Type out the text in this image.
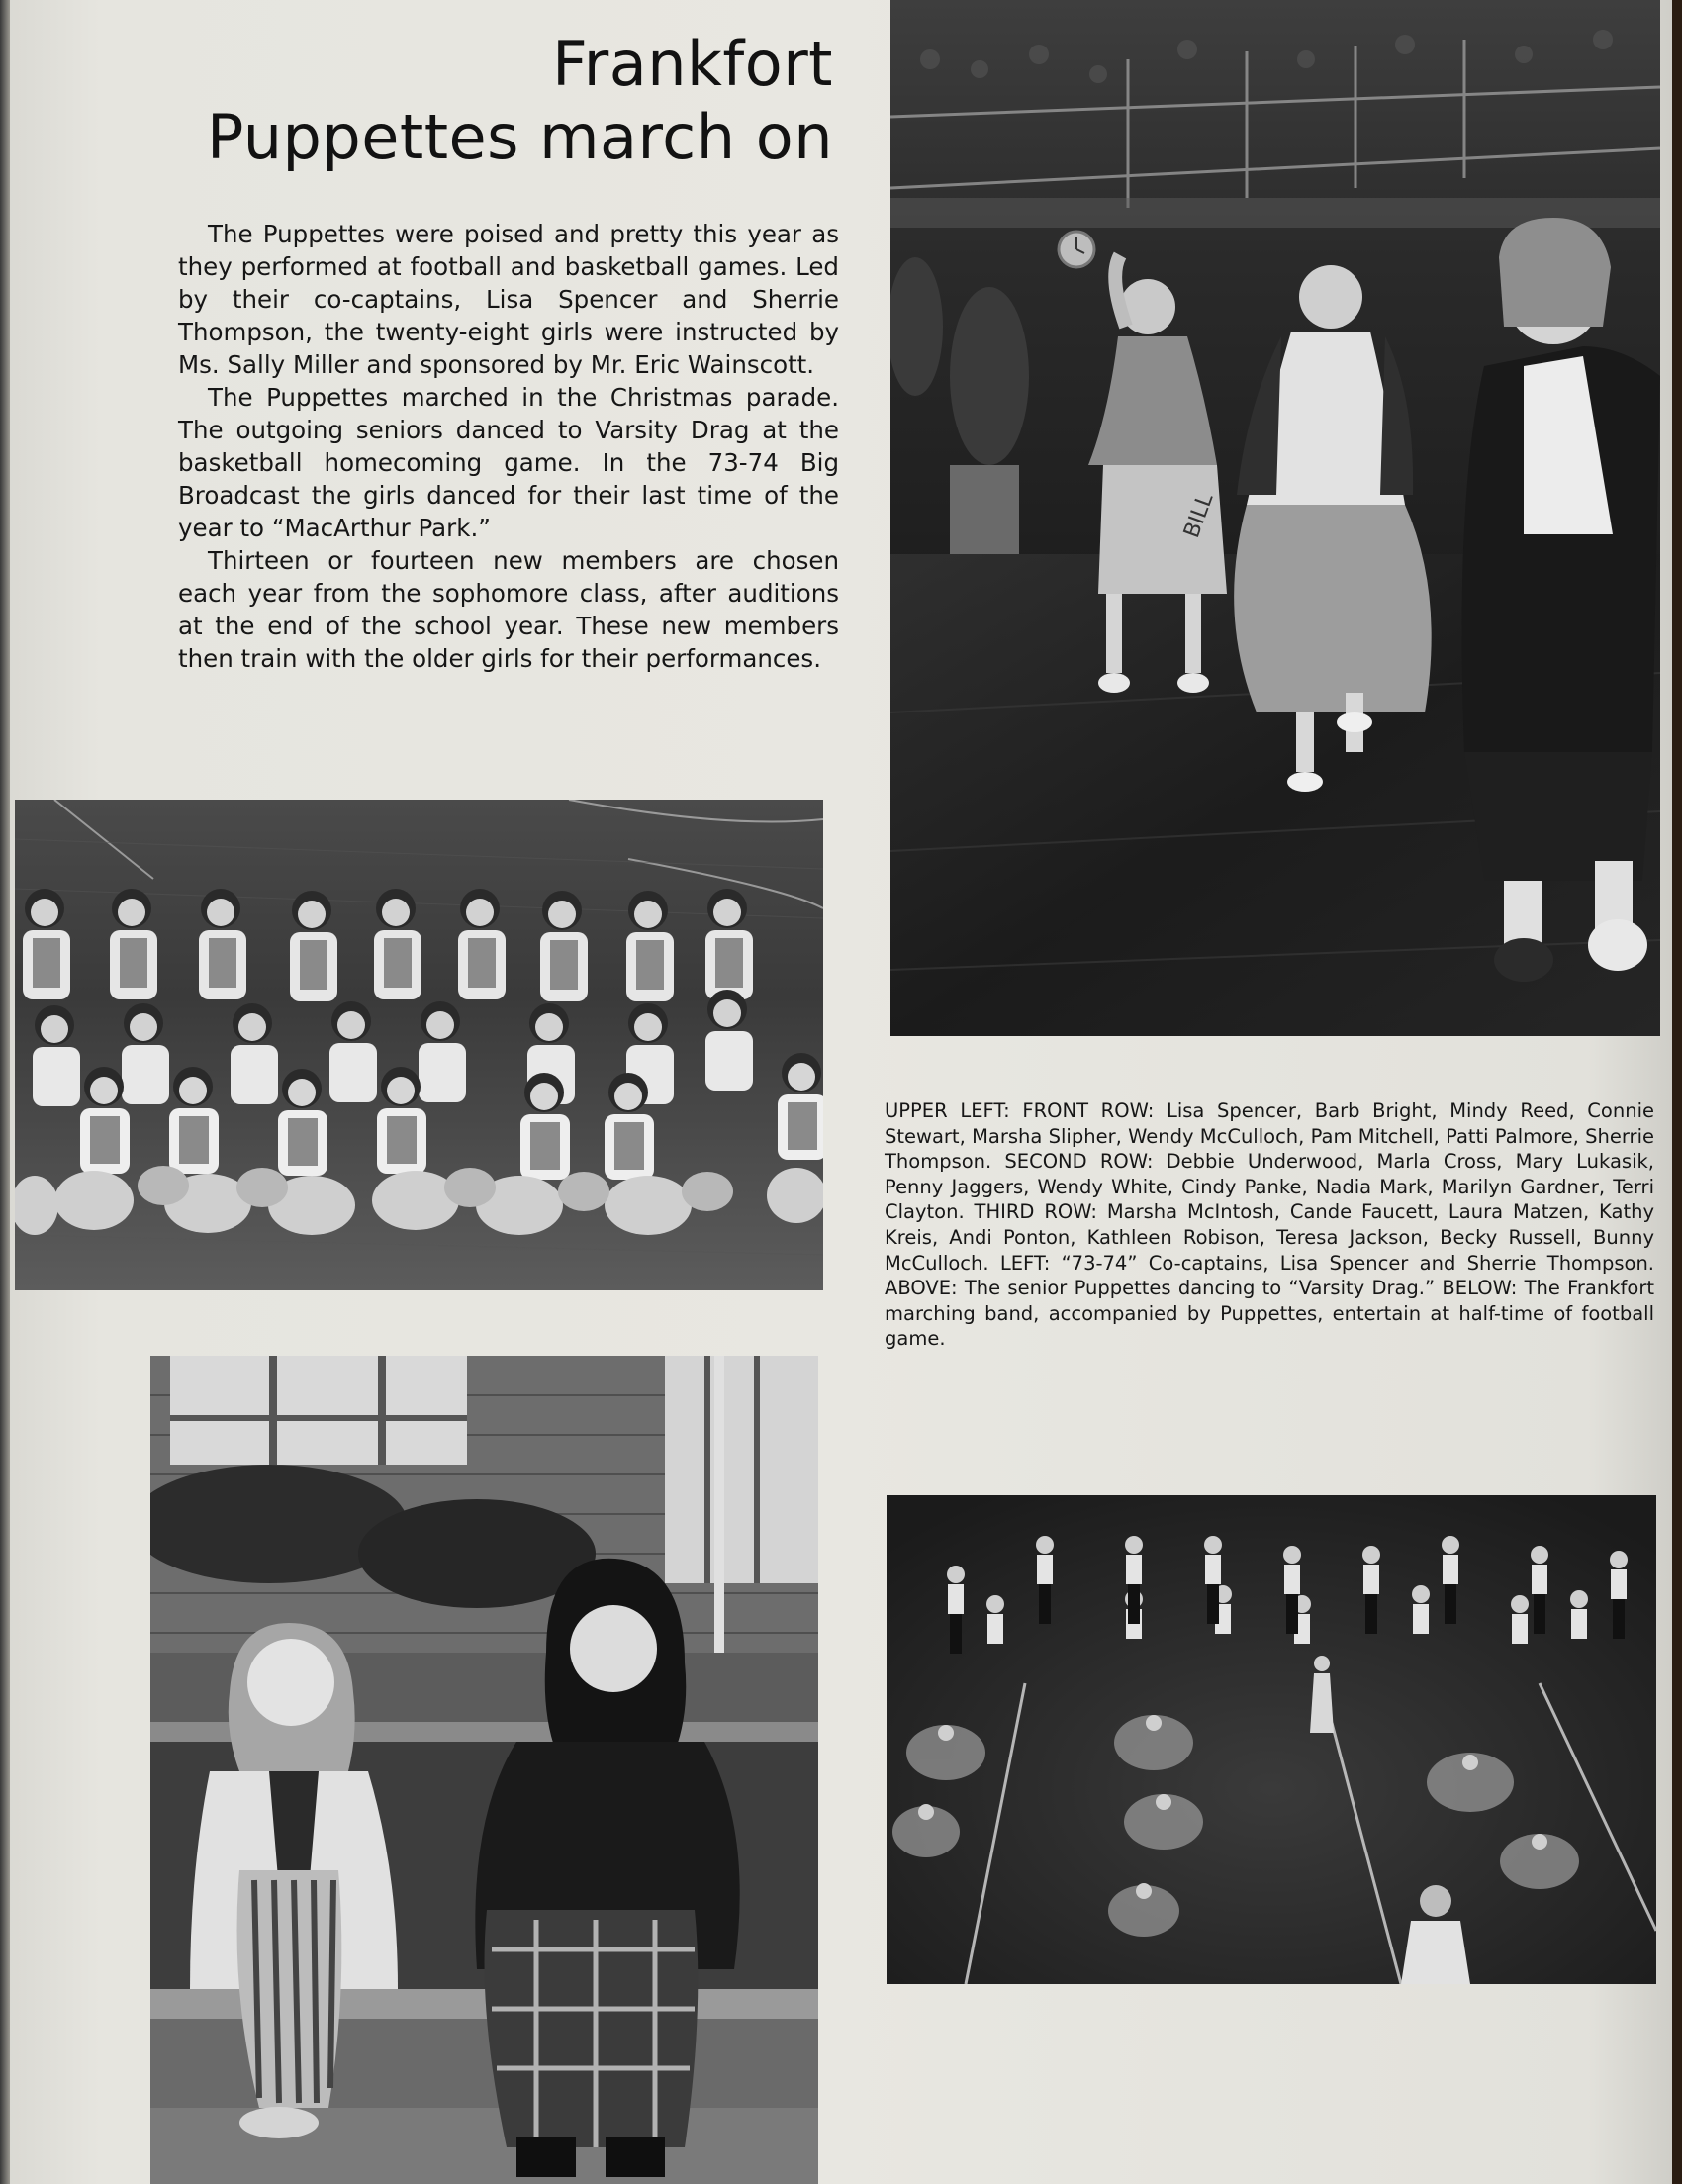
Frankfort
Puppettes march on

The Puppettes were poised and pretty this year as they performed at football and basketball games. Led by their co-captains, Lisa Spencer and Sherrie Thompson, the twenty-eight girls were instructed by Ms. Sally Miller and sponsored by Mr. Eric Wainscott.

The Puppettes marched in the Christmas parade. The outgoing seniors danced to Varsity Drag at the basketball homecoming game. In the 73-74 Big Broadcast the girls danced for their last time of the year to “MacArthur Park.”

Thirteen or fourteen new members are chosen each year from the sophomore class, after auditions at the end of the school year. These new members then train with the older girls for their performances.

BILL
UPPER LEFT: FRONT ROW: Lisa Spencer, Barb Bright, Mindy Reed, Connie Stewart, Marsha Slipher, Wendy McCulloch, Pam Mitchell, Patti Palmore, Sherrie Thompson. SECOND ROW: Debbie Underwood, Marla Cross, Mary Lukasik, Penny Jaggers, Wendy White, Cindy Panke, Nadia Mark, Marilyn Gardner, Terri Clayton. THIRD ROW: Marsha McIntosh, Cande Faucett, Laura Matzen, Kathy Kreis, Andi Ponton, Kathleen Robison, Teresa Jackson, Becky Russell, Bunny McCulloch. LEFT: “73-74” Co-captains, Lisa Spencer and Sherrie Thompson. ABOVE: The senior Puppettes dancing to “Varsity Drag.” BELOW: The Frankfort marching band, accompanied by Puppettes, entertain at half-time of football game.
